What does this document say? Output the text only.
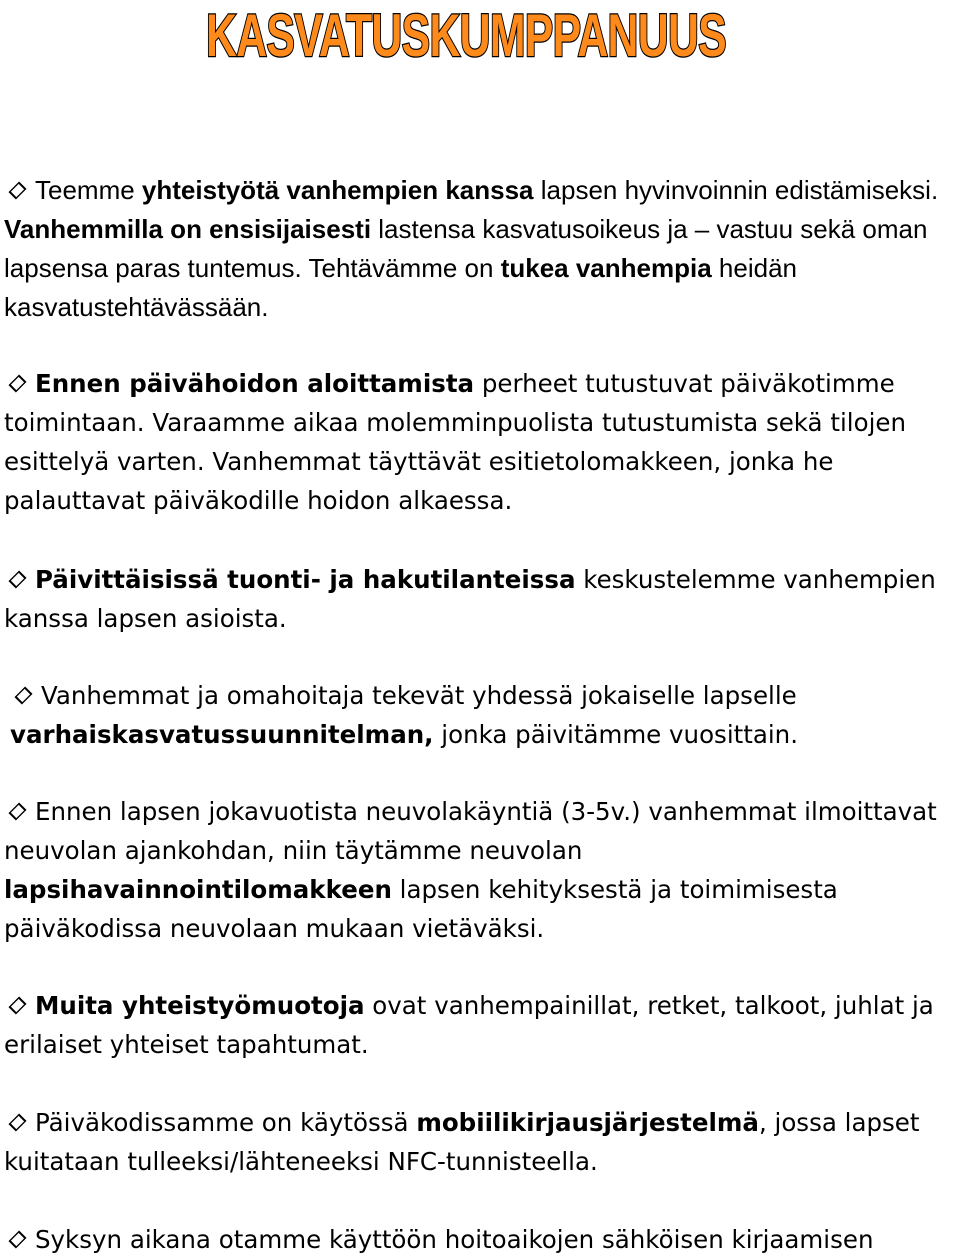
KASVATUSKUMPPANUUS

Teemme yhteistyötä vanhempien kanssa lapsen hyvinvoinnin edistämiseksi. Vanhemmilla on ensisijaisesti lastensa kasvatusoikeus ja – vastuu sekä oman lapsensa paras tuntemus. Tehtävämme on tukea vanhempia heidän kasvatustehtävässään.

Ennen päivähoidon aloittamista perheet tutustuvat päiväkotimme toimintaan. Varaamme aikaa molemminpuolista tutustumista sekä tilojen esittelyä varten. Vanhemmat täyttävät esitietolomakkeen, jonka he palauttavat päiväkodille hoidon alkaessa.

Päivittäisissä tuonti- ja hakutilanteissa keskustelemme vanhempien kanssa lapsen asioista.

Vanhemmat ja omahoitaja tekevät yhdessä jokaiselle lapselle varhaiskasvatussuunnitelman, jonka päivitämme vuosittain.

Ennen lapsen jokavuotista neuvolakäyntiä (3-5v.) vanhemmat ilmoittavat neuvolan ajankohdan, niin täytämme neuvolan lapsihavainnointilomakkeen lapsen kehityksestä ja toimimisesta päiväkodissa neuvolaan mukaan vietäväksi.

Muita yhteistyömuotoja ovat vanhempainillat, retket, talkoot, juhlat ja erilaiset yhteiset tapahtumat.

Päiväkodissamme on käytössä mobiilikirjausjärjestelmä, jossa lapset kuitataan tulleeksi/lähteneeksi NFC-tunnisteella.

Syksyn aikana otamme käyttöön hoitoaikojen sähköisen kirjaamisen
